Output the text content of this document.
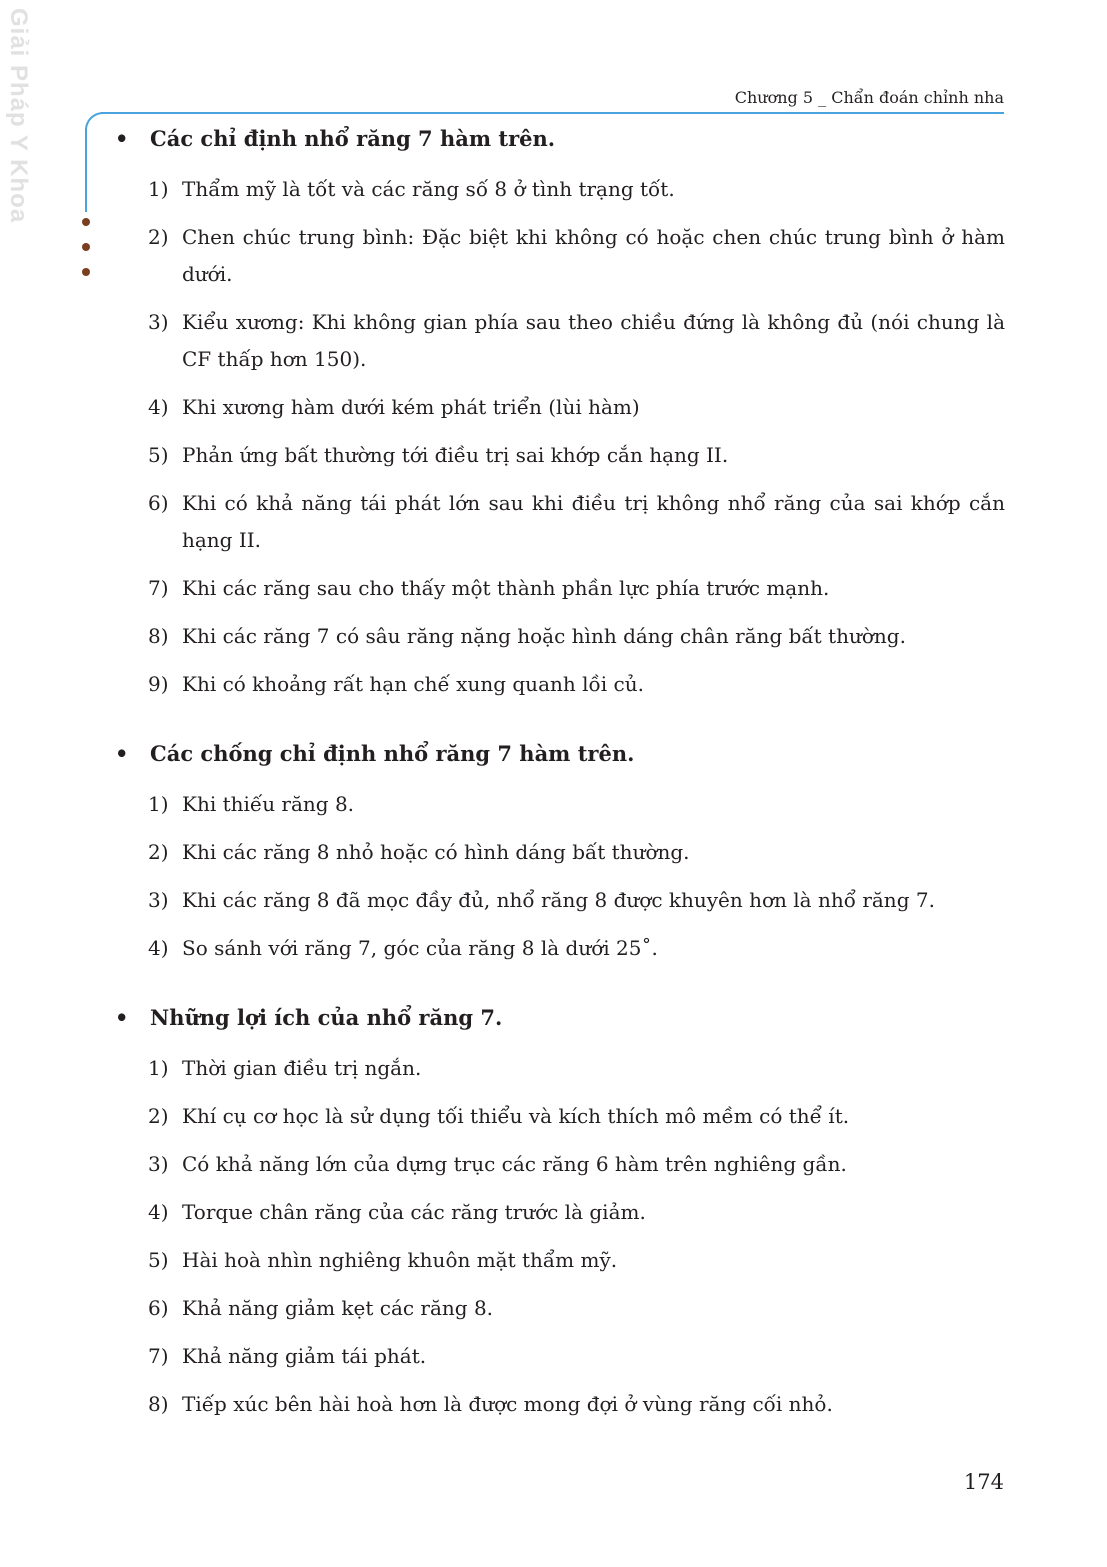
Giải Pháp Y Khoa	Chương 5 _ Chẩn đoán chỉnh nha
• Các chỉ định nhổ răng 7 hàm trên.
1) Thẩm mỹ là tốt và các răng số 8 ở tình trạng tốt.
2) Chen chúc trung bình: Đặc biệt khi không có hoặc chen chúc trung bình ở hàm dưới.
3) Kiểu xương: Khi không gian phía sau theo chiều đứng là không đủ (nói chung là CF thấp hơn 150).
4) Khi xương hàm dưới kém phát triển (lùi hàm)
5) Phản ứng bất thường tới điều trị sai khớp cắn hạng II.
6) Khi có khả năng tái phát lớn sau khi điều trị không nhổ răng của sai khớp cắn hạng II.
7) Khi các răng sau cho thấy một thành phần lực phía trước mạnh.
8) Khi các răng 7 có sâu răng nặng hoặc hình dáng chân răng bất thường.
9) Khi có khoảng rất hạn chế xung quanh lồi củ.
• Các chống chỉ định nhổ răng 7 hàm trên.
1) Khi thiếu răng 8.
2) Khi các răng 8 nhỏ hoặc có hình dáng bất thường.
3) Khi các răng 8 đã mọc đầy đủ, nhổ răng 8 được khuyên hơn là nhổ răng 7.
4) So sánh với răng 7, góc của răng 8 là dưới 25˚.
• Những lợi ích của nhổ răng 7.
1) Thời gian điều trị ngắn.
2) Khí cụ cơ học là sử dụng tối thiểu và kích thích mô mềm có thể ít.
3) Có khả năng lớn của dựng trục các răng 6 hàm trên nghiêng gần.
4) Torque chân răng của các răng trước là giảm.
5) Hài hoà nhìn nghiêng khuôn mặt thẩm mỹ.
6) Khả năng giảm kẹt các răng 8.
7) Khả năng giảm tái phát.
8) Tiếp xúc bên hài hoà hơn là được mong đợi ở vùng răng cối nhỏ.
174
